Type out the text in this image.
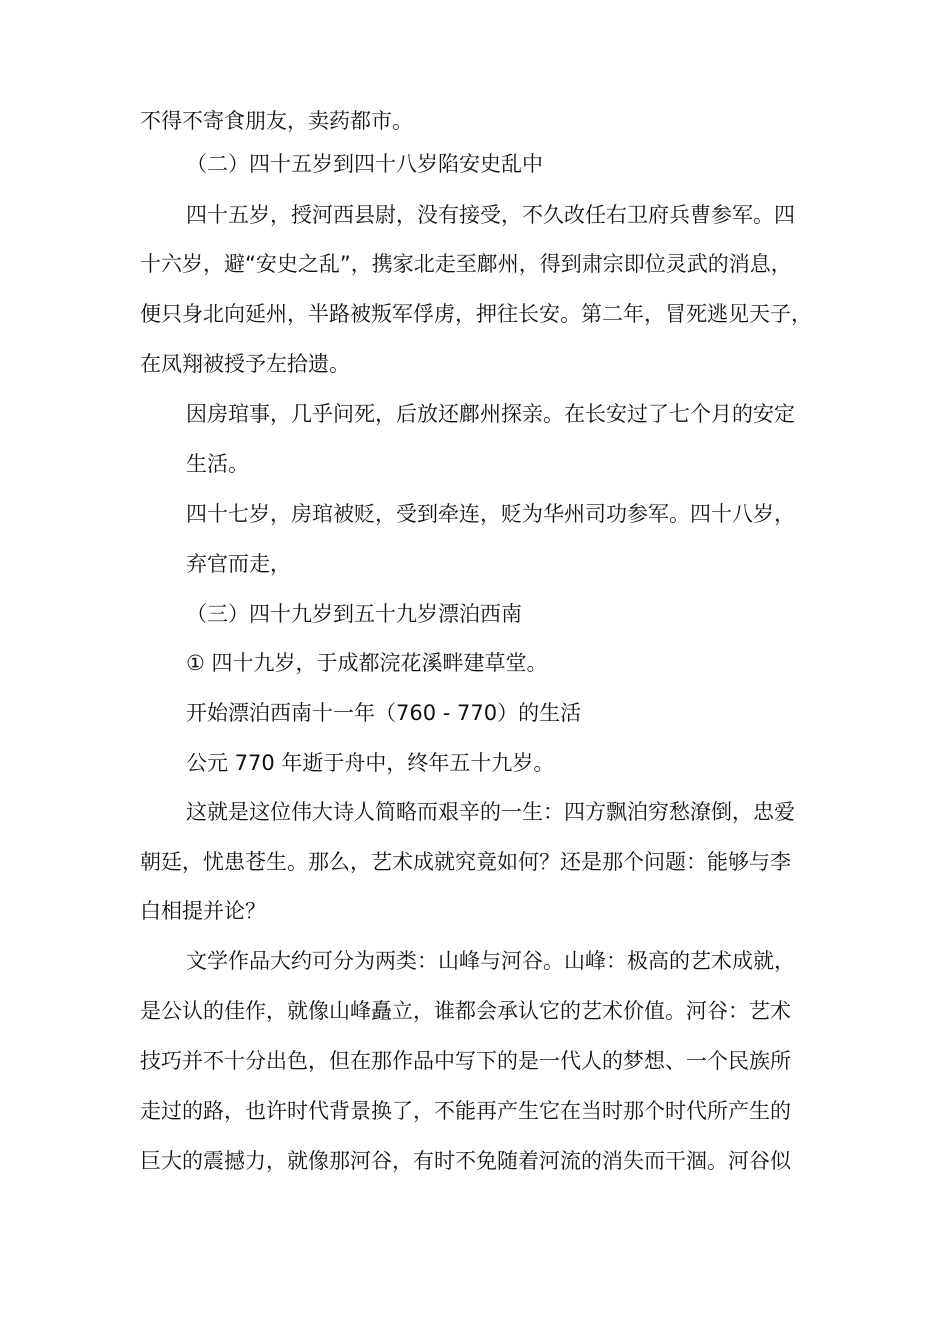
不得不寄食朋友，卖药都市。
（二）四十五岁到四十八岁陷安史乱中
四十五岁，授河西县尉，没有接受，不久改任右卫府兵曹参军。四
十六岁，避“安史之乱”，携家北走至鄜州，得到肃宗即位灵武的消息，
便只身北向延州，半路被叛军俘虏，押往长安。第二年，冒死逃见天子，
在凤翔被授予左拾遗。
因房琯事，几乎问死，后放还鄜州探亲。在长安过了七个月的安定
生活。
四十七岁，房琯被贬，受到牵连，贬为华州司功参军。四十八岁，
弃官而走，
（三）四十九岁到五十九岁漂泊西南
① 四十九岁，于成都浣花溪畔建草堂。
开始漂泊西南十一年（760 - 770）的生活
公元 770 年逝于舟中，终年五十九岁。
这就是这位伟大诗人简略而艰辛的一生：四方飘泊穷愁潦倒，忠爱
朝廷，忧患苍生。那么，艺术成就究竟如何？还是那个问题：能够与李
白相提并论？
文学作品大约可分为两类：山峰与河谷。山峰：极高的艺术成就，
是公认的佳作，就像山峰矗立，谁都会承认它的艺术价值。河谷：艺术
技巧并不十分出色，但在那作品中写下的是一代人的梦想、一个民族所
走过的路，也许时代背景换了，不能再产生它在当时那个时代所产生的
巨大的震撼力，就像那河谷，有时不免随着河流的消失而干涸。河谷似
